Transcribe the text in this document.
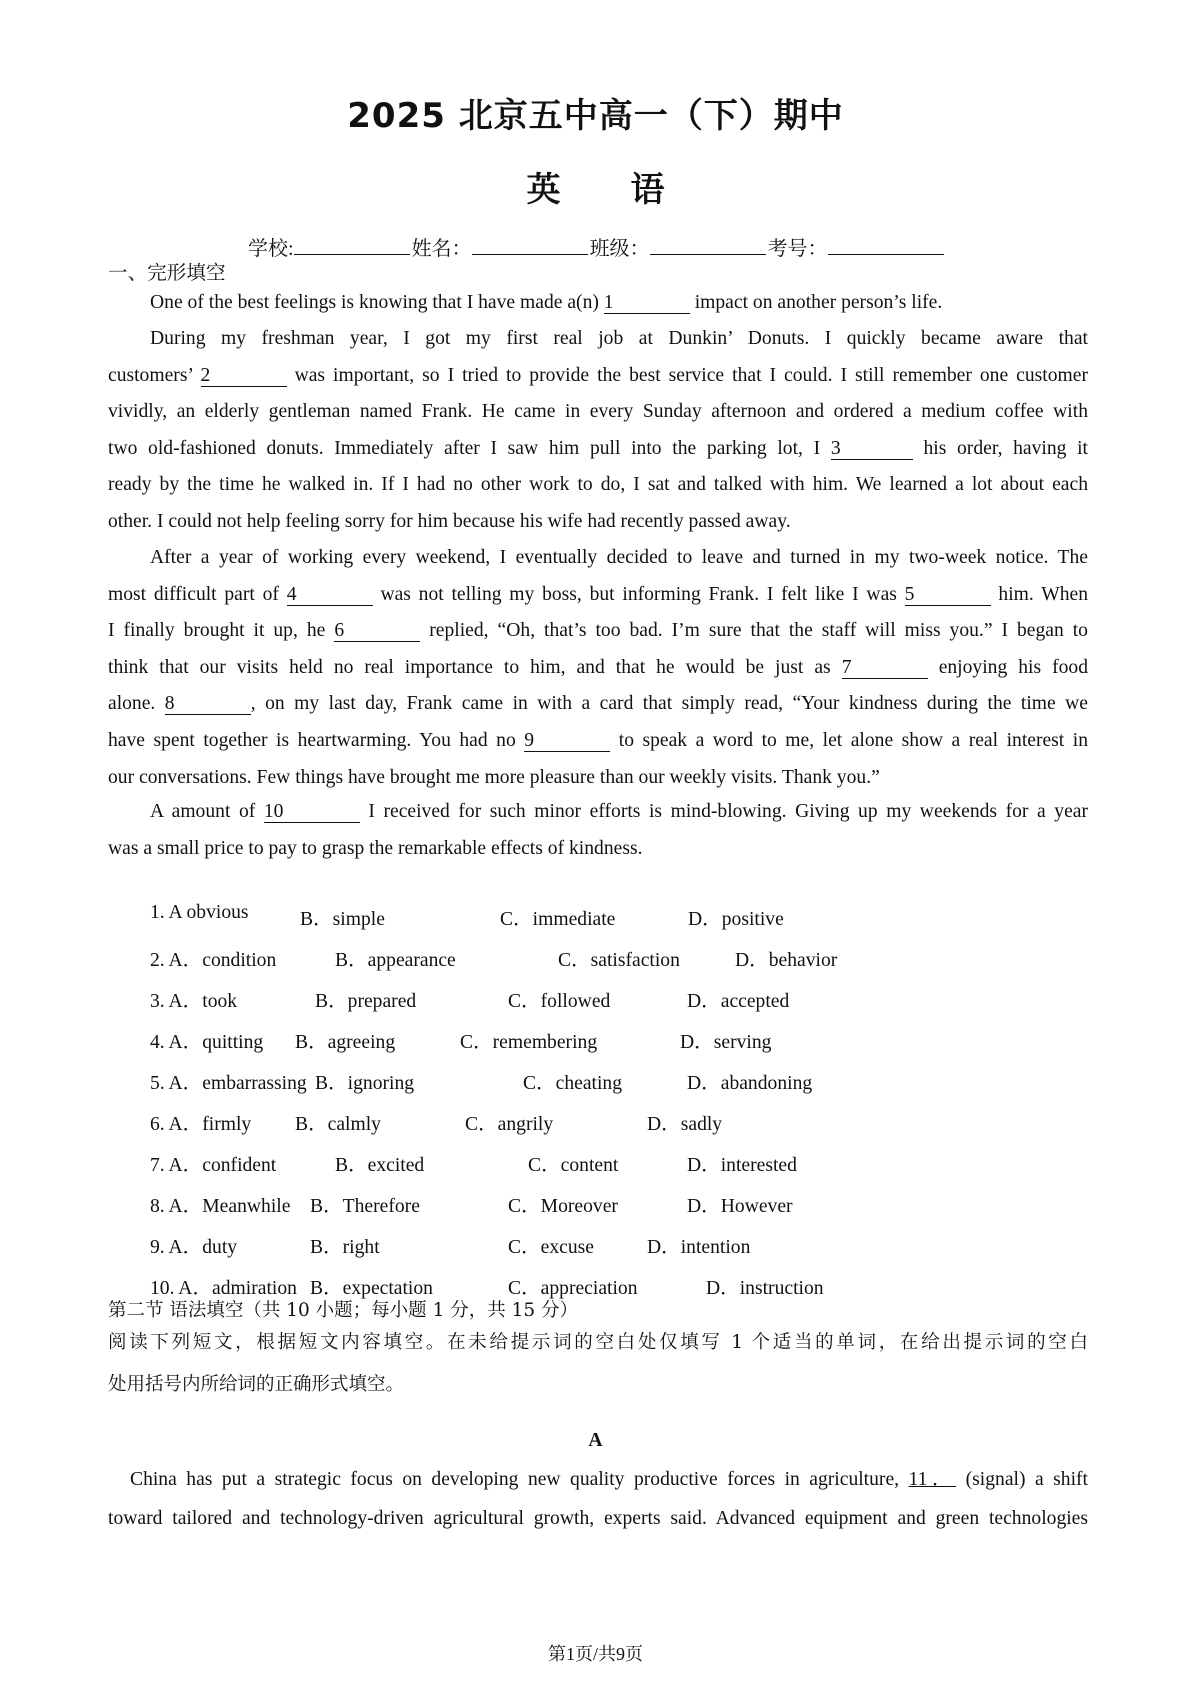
2025 北京五中高一（下）期中
英 语
学校:	姓名：	班级：	考号：
一、完形填空
One of the best feelings is knowing that I have made a(n) 1	impact on another person’s life.
During my freshman year, I got my first real job at Dunkin’ Donuts. I quickly became aware that
customers’ 2	was important, so I tried to provide the best service that I could. I still remember one customer
vividly, an elderly gentleman named Frank. He came in every Sunday afternoon and ordered a medium coffee with
two old-fashioned donuts. Immediately after I saw him pull into the parking lot, I 3	his order, having it
ready by the time he walked in. If I had no other work to do, I sat and talked with him. We learned a lot about each
other. I could not help feeling sorry for him because his wife had recently passed away.
After a year of working every weekend, I eventually decided to leave and turned in my two-week notice. The
most difficult part of 4	was not telling my boss, but informing Frank. I felt like I was 5	him. When
I finally brought it up, he 6	replied, “Oh, that’s too bad. I’m sure that the staff will miss you.” I began to
think that our visits held no real importance to him, and that he would be just as 7	enjoying his food
alone. 8	, on my last day, Frank came in with a card that simply read, “Your kindness during the time we
have spent together is heartwarming. You had no 9	to speak a word to me, let alone show a real interest in
our conversations. Few things have brought me more pleasure than our weekly visits. Thank you.”
A amount of 10	I received for such minor efforts is mind-blowing. Giving up my weekends for a year
was a small price to pay to grasp the remarkable effects of kindness.
1. A obvious	B．simple	C．immediate	D．positive
2. A．condition	B．appearance	C．satisfaction	D．behavior
3. A．took	B．prepared	C．followed	D．accepted
4. A．quitting B．agreeing	C．remembering	D．serving
5. A．embarrassing B．ignoring	C．cheating	D．abandoning
6. A．firmly B．calmly	C．angrily	D．sadly
7. A．confident	B．excited	C．content	D．interested
8. A．Meanwhile B．Therefore	C．Moreover	D．However
9. A．duty	B．right	C．excuse	D．intention
10. A．admiration B．expectation	C．appreciation	D．instruction
第二节 语法填空（共 10 小题；每小题 1 分，共 15 分）
阅读下列短文，根据短文内容填空。在未给提示词的空白处仅填写 1 个适当的单词，在给出提示词的空白
处用括号内所给词的正确形式填空。
A
China has put a strategic focus on developing new quality productive forces in agriculture, 11． (signal) a shift
toward tailored and technology-driven agricultural growth, experts said. Advanced equipment and green technologies
第1页/共9页
